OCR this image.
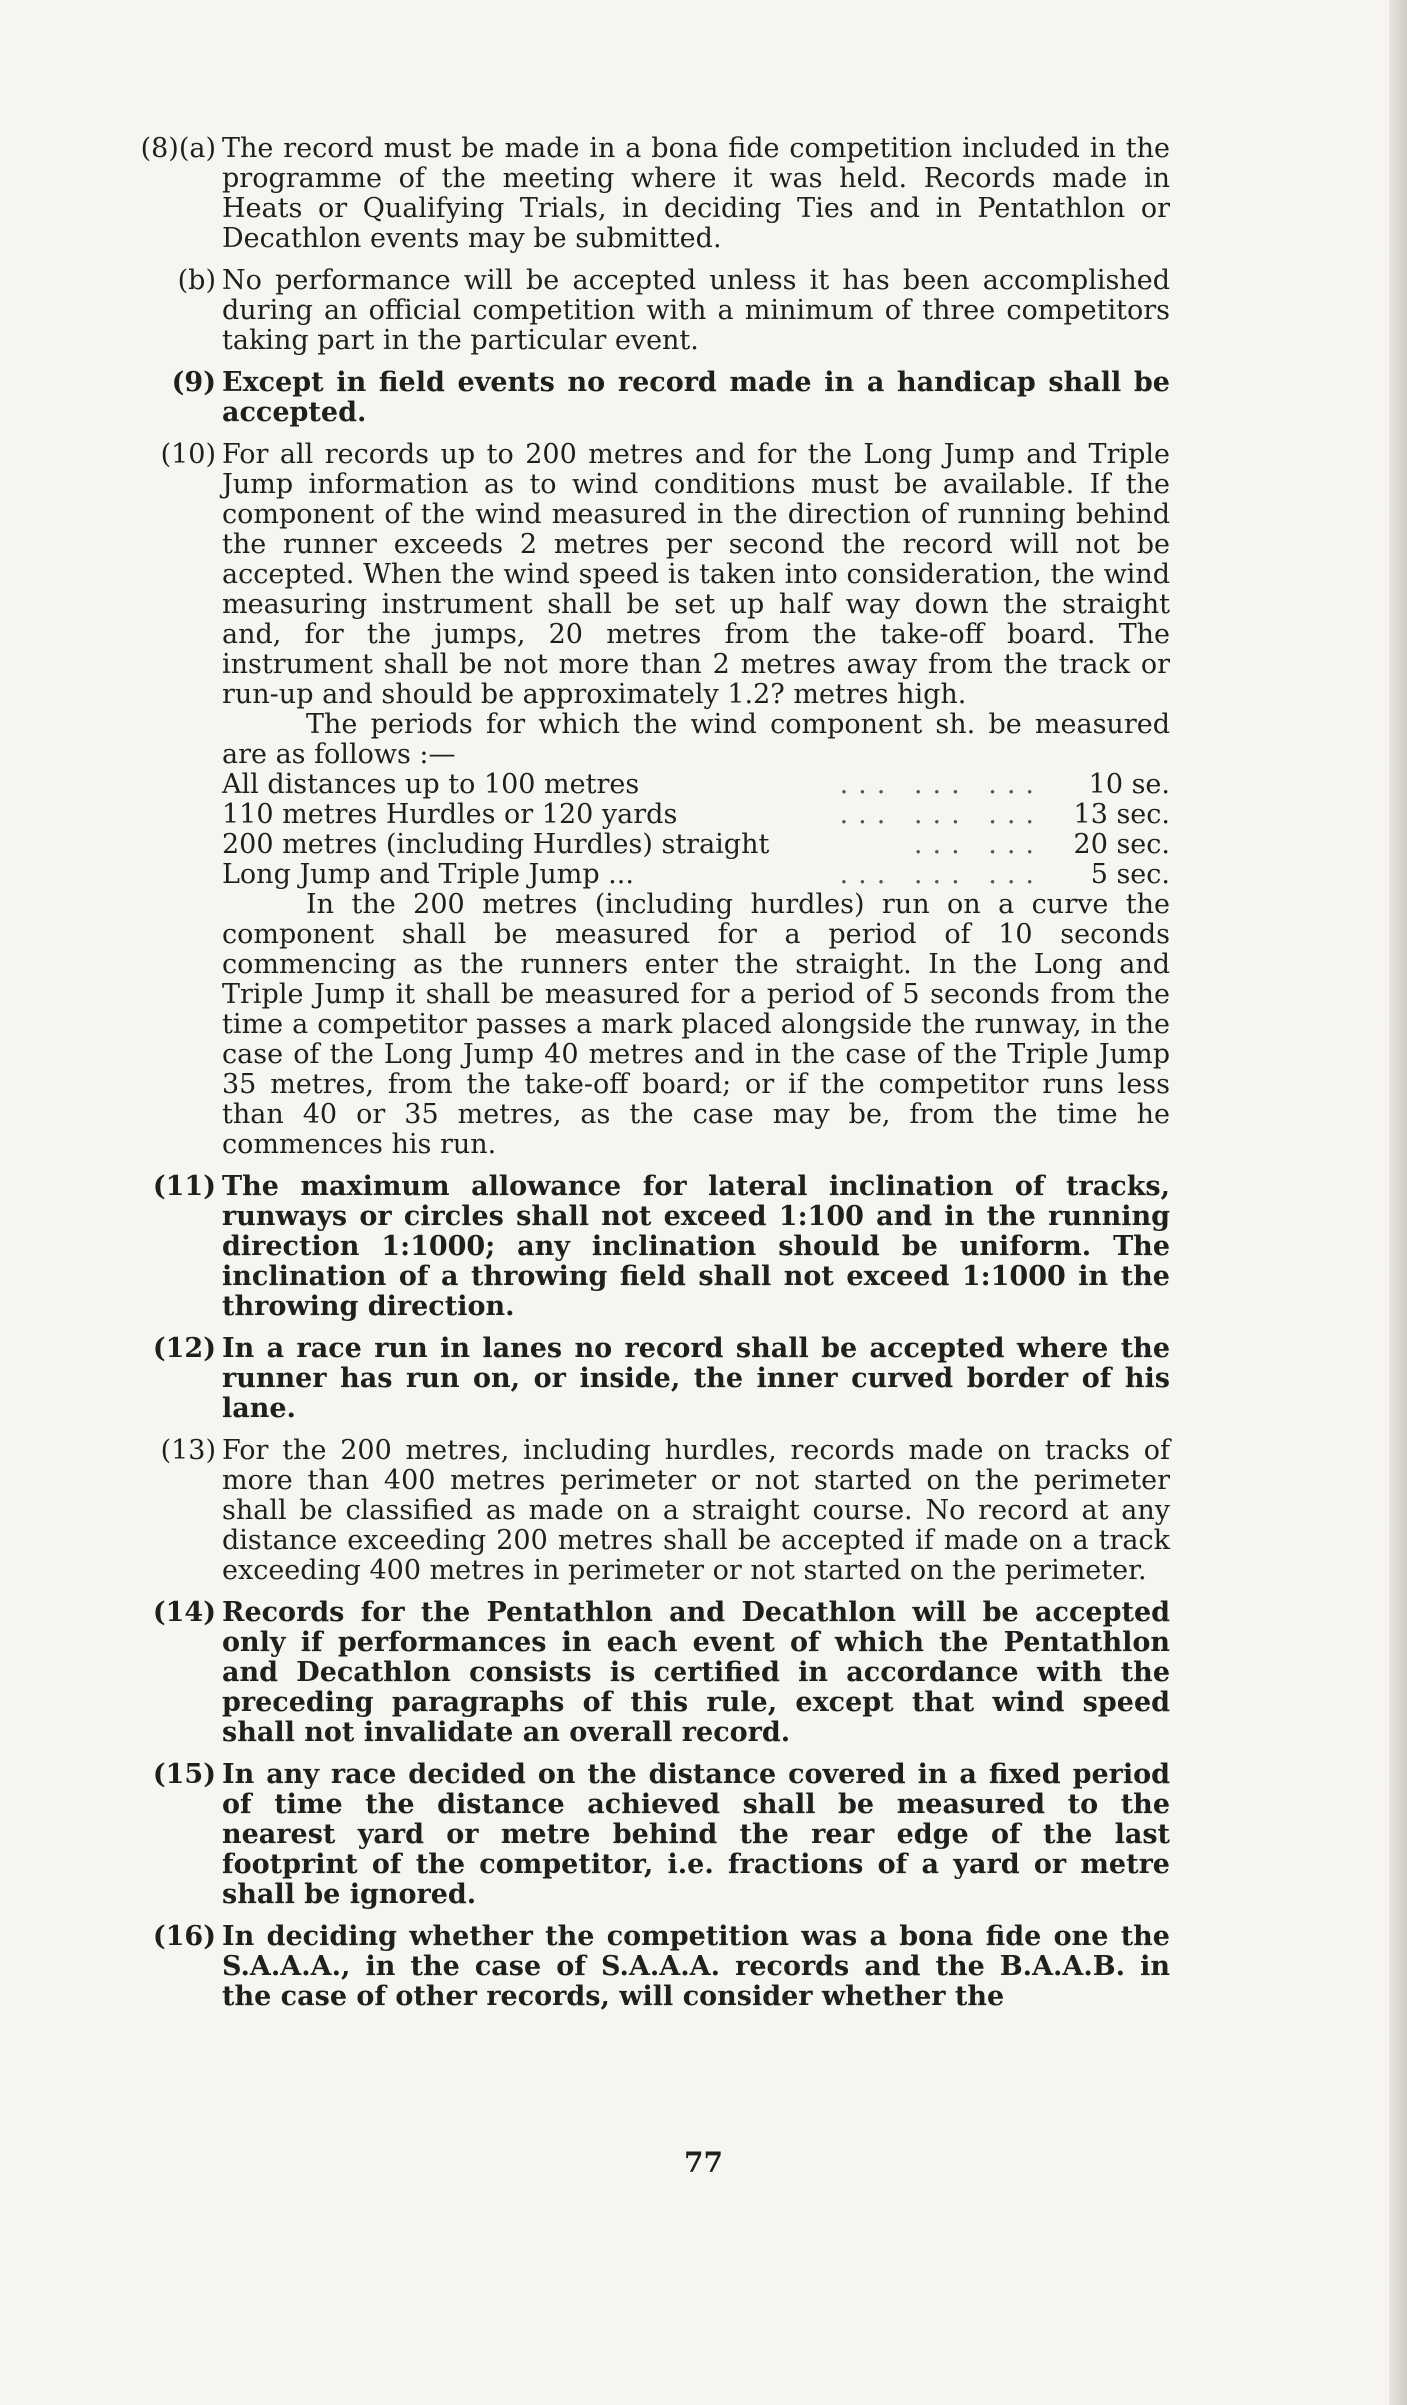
(8)(a) The record must be made in a bona fide competition included in the programme of the meeting where it was held. Records made in Heats or Qualifying Trials, in deciding Ties and in Pentathlon or Decathlon events may be submitted.

(b) No performance will be accepted unless it has been accomplished during an official competition with a minimum of three competitors taking part in the particular event.

(9) Except in field events no record made in a handicap shall be accepted.

(10) For all records up to 200 metres and for the Long Jump and Triple Jump information as to wind conditions must be available. If the component of the wind measured in the direction of running behind the runner exceeds 2 metres per second the record will not be accepted. When the wind speed is taken into consideration, the wind measuring instrument shall be set up half way down the straight and, for the jumps, 20 metres from the take-off board. The instrument shall be not more than 2 metres away from the track or run-up and should be approximately 1.2? metres high.

The periods for which the wind component sh. be measured are as follows :—

All distances up to 100 metres	... ... ...	10 se.
110 metres Hurdles or 120 yards	... ... ...	13 sec.
200 metres (including Hurdles) straight	... ...	20 sec.
Long Jump and Triple Jump ...	... ... ...	5 sec.

In the 200 metres (including hurdles) run on a curve the component shall be measured for a period of 10 seconds commencing as the runners enter the straight. In the Long and Triple Jump it shall be measured for a period of 5 seconds from the time a competitor passes a mark placed alongside the runway, in the case of the Long Jump 40 metres and in the case of the Triple Jump 35 metres, from the take-off board; or if the competitor runs less than 40 or 35 metres, as the case may be, from the time he commences his run.

(11) The maximum allowance for lateral inclination of tracks, runways or circles shall not exceed 1:100 and in the running direction 1:1000; any inclination should be uniform. The inclination of a throwing field shall not exceed 1:1000 in the throwing direction.

(12) In a race run in lanes no record shall be accepted where the runner has run on, or inside, the inner curved border of his lane.

(13) For the 200 metres, including hurdles, records made on tracks of more than 400 metres perimeter or not started on the perimeter shall be classified as made on a straight course. No record at any distance exceeding 200 metres shall be accepted if made on a track exceeding 400 metres in perimeter or not started on the perimeter.

(14) Records for the Pentathlon and Decathlon will be accepted only if performances in each event of which the Pentathlon and Decathlon consists is certified in accordance with the preceding paragraphs of this rule, except that wind speed shall not invalidate an overall record.

(15) In any race decided on the distance covered in a fixed period of time the distance achieved shall be measured to the nearest yard or metre behind the rear edge of the last footprint of the competitor, i.e. fractions of a yard or metre shall be ignored.

(16) In deciding whether the competition was a bona fide one the S.A.A.A., in the case of S.A.A.A. records and the B.A.A.B. in the case of other records, will consider whether the

77
